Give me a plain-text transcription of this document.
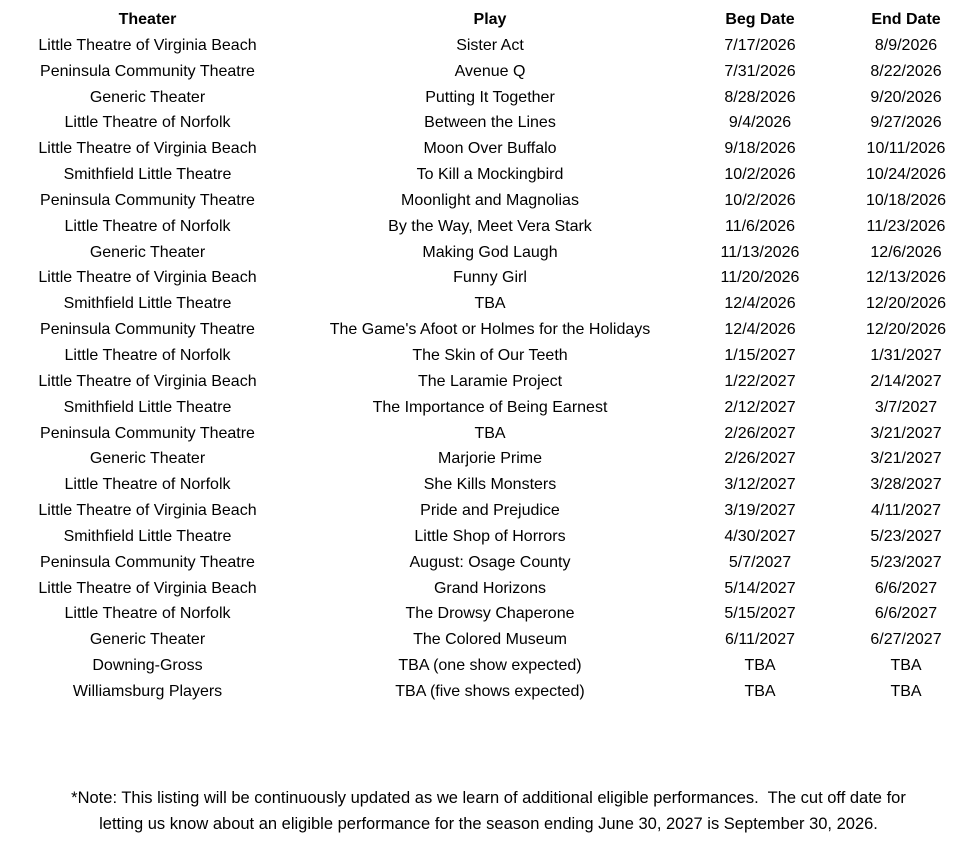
Theater	Play	Beg Date	End Date
Little Theatre of Virginia Beach	Sister Act	7/17/2026	8/9/2026
Peninsula Community Theatre	Avenue Q	7/31/2026	8/22/2026
Generic Theater	Putting It Together	8/28/2026	9/20/2026
Little Theatre of Norfolk	Between the Lines	9/4/2026	9/27/2026
Little Theatre of Virginia Beach	Moon Over Buffalo	9/18/2026	10/11/2026
Smithfield Little Theatre	To Kill a Mockingbird	10/2/2026	10/24/2026
Peninsula Community Theatre	Moonlight and Magnolias	10/2/2026	10/18/2026
Little Theatre of Norfolk	By the Way, Meet Vera Stark	11/6/2026	11/23/2026
Generic Theater	Making God Laugh	11/13/2026	12/6/2026
Little Theatre of Virginia Beach	Funny Girl	11/20/2026	12/13/2026
Smithfield Little Theatre	TBA	12/4/2026	12/20/2026
Peninsula Community Theatre	The Game's Afoot or Holmes for the Holidays	12/4/2026	12/20/2026
Little Theatre of Norfolk	The Skin of Our Teeth	1/15/2027	1/31/2027
Little Theatre of Virginia Beach	The Laramie Project	1/22/2027	2/14/2027
Smithfield Little Theatre	The Importance of Being Earnest	2/12/2027	3/7/2027
Peninsula Community Theatre	TBA	2/26/2027	3/21/2027
Generic Theater	Marjorie Prime	2/26/2027	3/21/2027
Little Theatre of Norfolk	She Kills Monsters	3/12/2027	3/28/2027
Little Theatre of Virginia Beach	Pride and Prejudice	3/19/2027	4/11/2027
Smithfield Little Theatre	Little Shop of Horrors	4/30/2027	5/23/2027
Peninsula Community Theatre	August: Osage County	5/7/2027	5/23/2027
Little Theatre of Virginia Beach	Grand Horizons	5/14/2027	6/6/2027
Little Theatre of Norfolk	The Drowsy Chaperone	5/15/2027	6/6/2027
Generic Theater	The Colored Museum	6/11/2027	6/27/2027
Downing-Gross	TBA (one show expected)	TBA	TBA
Williamsburg Players	TBA (five shows expected)	TBA	TBA
*Note: This listing will be continuously updated as we learn of additional eligible performances.  The cut off date for
letting us know about an eligible performance for the season ending June 30, 2027 is September 30, 2026.
